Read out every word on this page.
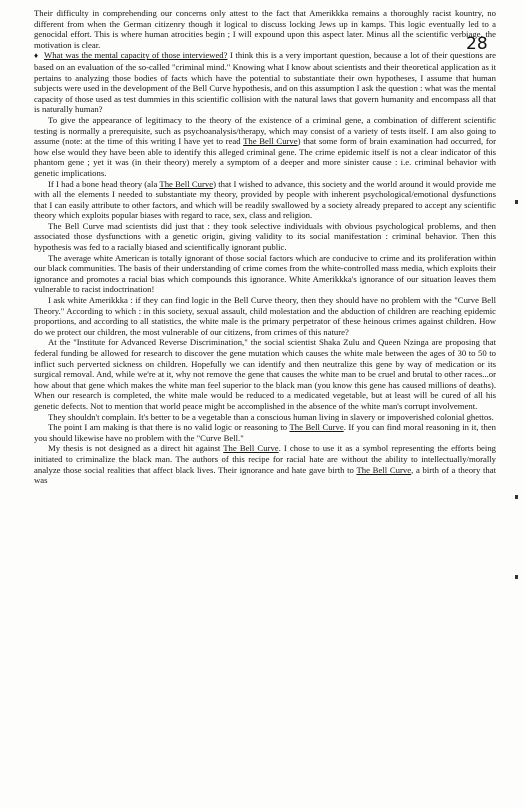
28

Their difficulty in comprehending our concerns only attest to the fact that Amerikkka remains a thoroughly racist kountry, no different from when the German citizenry though it logical to discuss locking Jews up in kamps. This logic eventually led to a genocidal effort. This is where human atrocities begin ; I will expound upon this aspect later. Minus all the scientific verbiage, the motivation is clear.

♦ What was the mental capacity of those interviewed? I think this is a very important question, because a lot of their questions are based on an evaluation of the so-called "criminal mind." Knowing what I know about scientists and their theoretical application as it pertains to analyzing those bodies of facts which have the potential to substantiate their own hypotheses, I assume that human subjects were used in the development of the Bell Curve hypothesis, and on this assumption I ask the question : what was the mental capacity of those used as test dummies in this scientific collision with the natural laws that govern humanity and encompass all that is naturally human?

To give the appearance of legitimacy to the theory of the existence of a criminal gene, a combination of different scientific testing is normally a prerequisite, such as psychoanalysis/therapy, which may consist of a variety of tests itself. I am also going to assume (note: at the time of this writing I have yet to read The Bell Curve) that some form of brain examination had occurred, for how else would they have been able to identify this alleged criminal gene. The crime epidemic itself is not a clear indicator of this phantom gene ; yet it was (in their theory) merely a symptom of a deeper and more sinister cause : i.e. criminal behavior with genetic implications.

If I had a bone head theory (ala The Bell Curve) that I wished to advance, this society and the world around it would provide me with all the elements I needed to substantiate my theory, provided by people with inherent psychological/emotional dysfunctions that I can easily attribute to other factors, and which will be readily swallowed by a society already prepared to accept any scientific theory which exploits popular biases with regard to race, sex, class and religion.

The Bell Curve mad scientists did just that : they took selective individuals with obvious psychological problems, and then associated those dysfunctions with a genetic origin, giving validity to its social manifestation : criminal behavior. Then this hypothesis was fed to a racially biased and scientifically ignorant public.

The average white American is totally ignorant of those social factors which are conducive to crime and its proliferation within our black communities. The basis of their understanding of crime comes from the white-controlled mass media, which exploits their ignorance and promotes a racial bias which compounds this ignorance. White Amerikkka's ignorance of our situation leaves them vulnerable to racist indoctrination!

I ask white Amerikkka : if they can find logic in the Bell Curve theory, then they should have no problem with the "Curve Bell Theory." According to which : in this society, sexual assault, child molestation and the abduction of children are reaching epidemic proportions, and according to all statistics, the white male is the primary perpetrator of these heinous crimes against children. How do we protect our children, the most vulnerable of our citizens, from crimes of this nature?

At the "Institute for Advanced Reverse Discrimination," the social scientist Shaka Zulu and Queen Nzinga are proposing that federal funding be allowed for research to discover the gene mutation which causes the white male between the ages of 30 to 50 to inflict such perverted sickness on children. Hopefully we can identify and then neutralize this gene by way of medication or its surgical removal. And, while we're at it, why not remove the gene that causes the white man to be cruel and brutal to other races...or how about that gene which makes the white man feel superior to the black man (you know this gene has caused millions of deaths). When our research is completed, the white male would be reduced to a medicated vegetable, but at least will be cured of all his genetic defects. Not to mention that world peace might be accomplished in the absence of the white man's corrupt involvement.

They shouldn't complain. It's better to be a vegetable than a conscious human living in slavery or impoverished colonial ghettos.

The point I am making is that there is no valid logic or reasoning to The Bell Curve. If you can find moral reasoning in it, then you should likewise have no problem with the "Curve Bell."

My thesis is not designed as a direct hit against The Bell Curve. I chose to use it as a symbol representing the efforts being initiated to criminalize the black man. The authors of this recipe for racial hate are without the ability to intellectually/morally analyze those social realities that affect black lives. Their ignorance and hate gave birth to The Bell Curve, a birth of a theory that was
